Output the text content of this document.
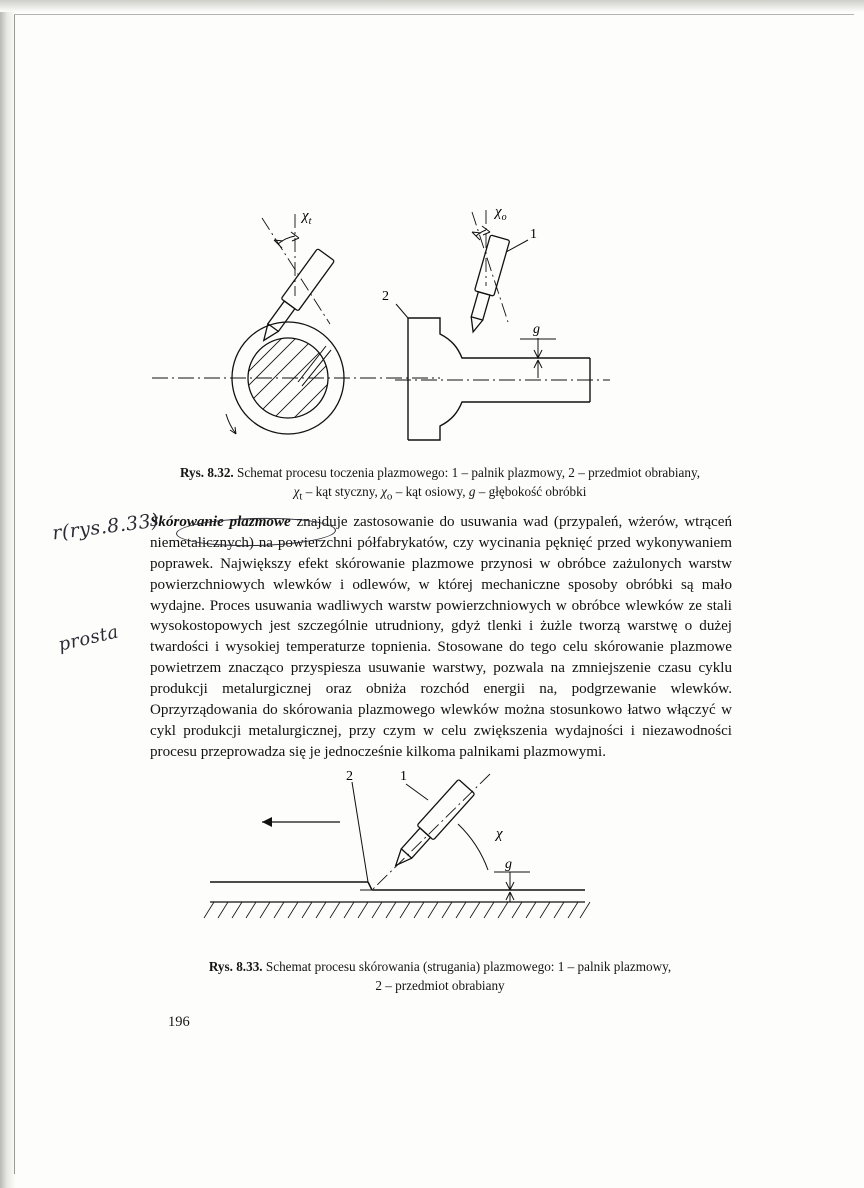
$\chi_t$
$\chi_o$
1
2
g
Rys. 8.32. Schemat procesu toczenia plazmowego: 1 – palnik plazmowy, 2 – przedmiot obrabiany,
$\chi_t$ – kąt styczny, $\chi_o$ – kąt osiowy, g – głębokość obróbki
Skórowanie plazmowe znajduje zastosowanie do usuwania wad (przypaleń, wżerów, wtrąceń niemetalicznych) na powierzchni półfabrykatów, czy wycinania pęknięć przed wykonywaniem poprawek. Największy efekt skórowanie plazmowe przynosi w obróbce zażulonych warstw powierzchniowych wlewków i odlewów, w której mechaniczne sposoby obróbki są mało wydajne. Proces usuwania wadliwych warstw powierzchniowych w obróbce wlewków ze stali wysokostopowych jest szczególnie utrudniony, gdyż tlenki i żużle tworzą warstwę o dużej twardości i wysokiej temperaturze topnienia. Stosowane do tego celu skórowanie plazmowe powietrzem znacząco przyspiesza usuwanie warstwy, pozwala na zmniejszenie czasu cyklu produkcji metalurgicznej oraz obniża rozchód energii na, podgrzewanie wlewków. Oprzyrządowania do skórowania plazmowego wlewków można stosunkowo łatwo włączyć w cykl produkcji metalurgicznej, przy czym w celu zwiększenia wydajności i niezawodności procesu przeprowadza się je jednocześnie kilkoma palnikami plazmowymi.
r(rys.8.33)
prosta
1
2
χ
g
Rys. 8.33. Schemat procesu skórowania (strugania) plazmowego: 1 – palnik plazmowy,
2 – przedmiot obrabiany
196
